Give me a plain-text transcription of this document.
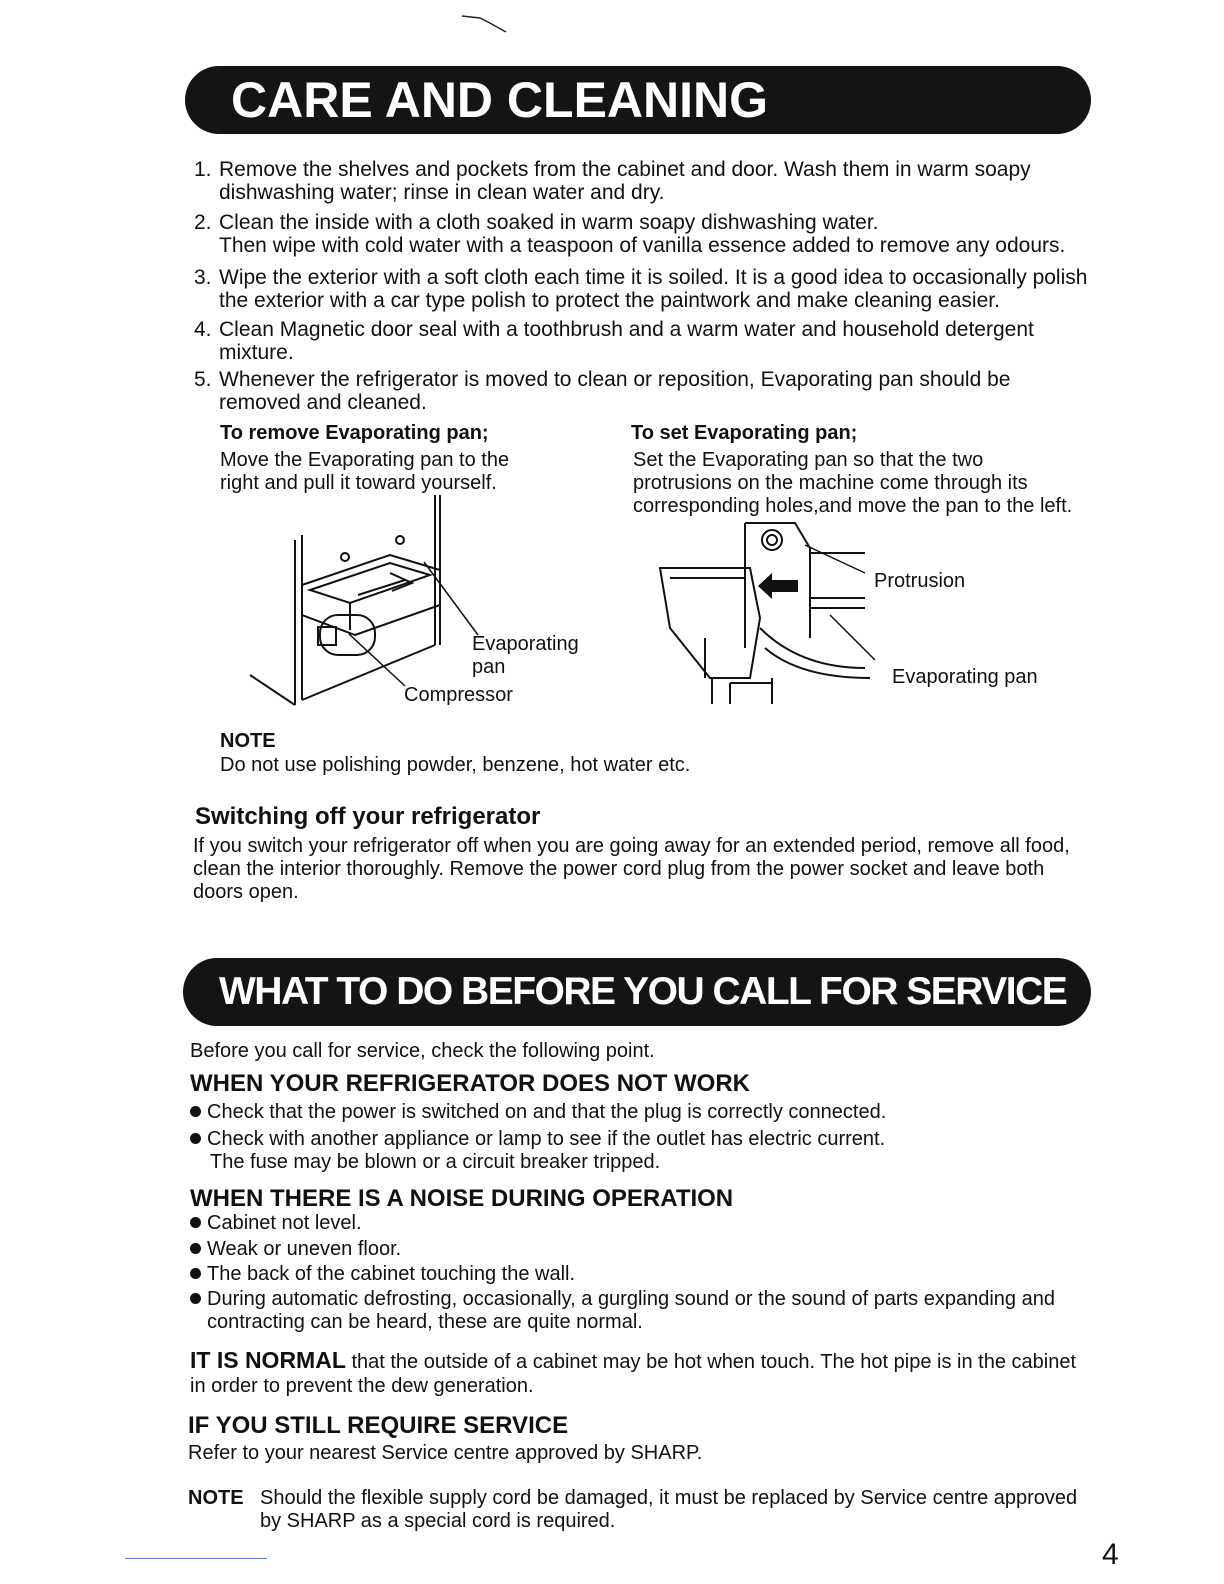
CARE AND CLEANING
1. Remove the shelves and pockets from the cabinet and door. Wash them in warm soapy dishwashing water; rinse in clean water and dry.
2. Clean the inside with a cloth soaked in warm soapy dishwashing water.
Then wipe with cold water with a teaspoon of vanilla essence added to remove any odours.
3. Wipe the exterior with a soft cloth each time it is soiled. It is a good idea to occasionally polish the exterior with a car type polish to protect the paintwork and make cleaning easier.
4. Clean Magnetic door seal with a toothbrush and a warm water and household detergent mixture.
5. Whenever the refrigerator is moved to clean or reposition, Evaporating pan should be removed and cleaned.
To remove Evaporating pan;
Move the Evaporating pan to the right and pull it toward yourself.
To set Evaporating pan;
Set the Evaporating pan so that the two protrusions on the machine come through its corresponding holes,and move the pan to the left.
Evaporating
pan
Compressor
Protrusion
Evaporating pan
NOTE
Do not use polishing powder, benzene, hot water etc.
Switching off your refrigerator
If you switch your refrigerator off when you are going away for an extended period, remove all food, clean the interior thoroughly. Remove the power cord plug from the power socket and leave both doors open.
WHAT TO DO BEFORE YOU CALL FOR SERVICE
Before you call for service, check the following point.
WHEN YOUR REFRIGERATOR DOES NOT WORK
Check that the power is switched on and that the plug is correctly connected.
Check with another appliance or lamp to see if the outlet has electric current.
The fuse may be blown or a circuit breaker tripped.
WHEN THERE IS A NOISE DURING OPERATION
Cabinet not level.
Weak or uneven floor.
The back of the cabinet touching the wall.
During automatic defrosting, occasionally, a gurgling sound or the sound of parts expanding and contracting can be heard, these are quite normal.
IT IS NORMAL that the outside of a cabinet may be hot when touch. The hot pipe is in the cabinet in order to prevent the dew generation.
IF YOU STILL REQUIRE SERVICE
Refer to your nearest Service centre approved by SHARP.
NOTE Should the flexible supply cord be damaged, it must be replaced by Service centre approved by SHARP as a special cord is required.
4
